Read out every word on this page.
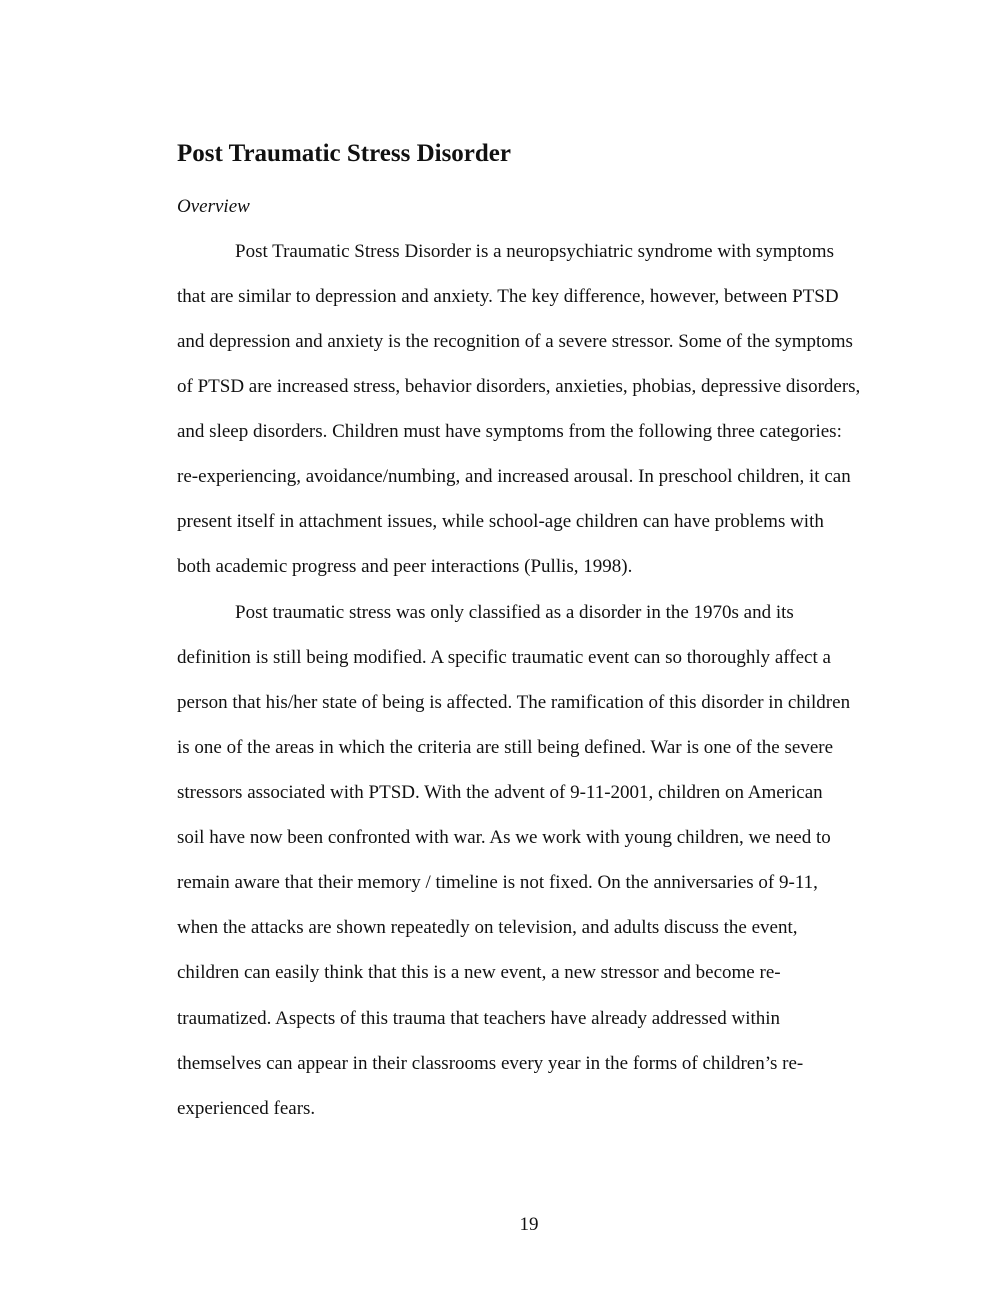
Post Traumatic Stress Disorder
Overview

Post Traumatic Stress Disorder is a neuropsychiatric syndrome with symptoms

that are similar to depression and anxiety. The key difference, however, between PTSD

and depression and anxiety is the recognition of a severe stressor. Some of the symptoms

of PTSD are increased stress, behavior disorders, anxieties, phobias, depressive disorders,

and sleep disorders. Children must have symptoms from the following three categories:

re-experiencing, avoidance/numbing, and increased arousal. In preschool children, it can

present itself in attachment issues, while school-age children can have problems with

both academic progress and peer interactions (Pullis, 1998).

Post traumatic stress was only classified as a disorder in the 1970s and its

definition is still being modified. A specific traumatic event can so thoroughly affect a

person that his/her state of being is affected. The ramification of this disorder in children

is one of the areas in which the criteria are still being defined. War is one of the severe

stressors associated with PTSD. With the advent of 9-11-2001, children on American

soil have now been confronted with war. As we work with young children, we need to

remain aware that their memory / timeline is not fixed. On the anniversaries of 9-11,

when the attacks are shown repeatedly on television, and adults discuss the event,

children can easily think that this is a new event, a new stressor and become re-

traumatized. Aspects of this trauma that teachers have already addressed within

themselves can appear in their classrooms every year in the forms of children’s re-

experienced fears.

19
